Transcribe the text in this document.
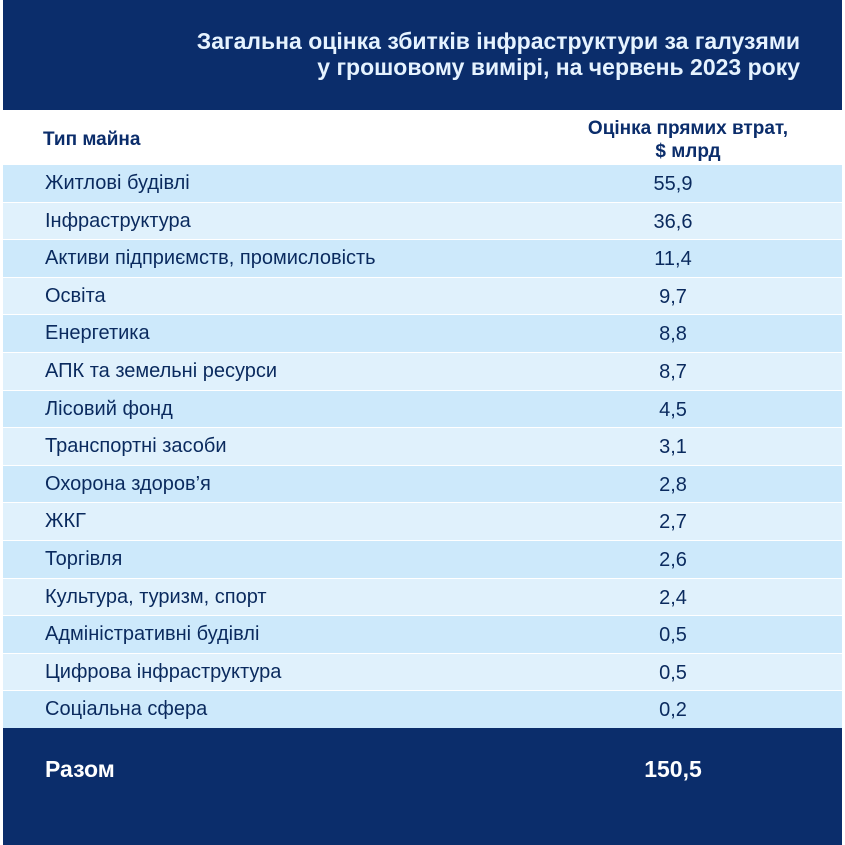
Загальна оцінка збитків інфраструктури за галузями
у грошовому вимірі, на червень 2023 року
Тип майна
Оцінка прямих втрат,
$ млрд
Житлові будівлі	55,9
Інфраструктура	36,6
Активи підприємств, промисловість	11,4
Освіта	9,7
Енергетика	8,8
АПК та земельні ресурси	8,7
Лісовий фонд	4,5
Транспортні засоби	3,1
Охорона здоров’я	2,8
ЖКГ	2,7
Торгівля	2,6
Культура, туризм, спорт	2,4
Адміністративні будівлі	0,5
Цифрова інфраструктура	0,5
Соціальна сфера	0,2
Разом	150,5
